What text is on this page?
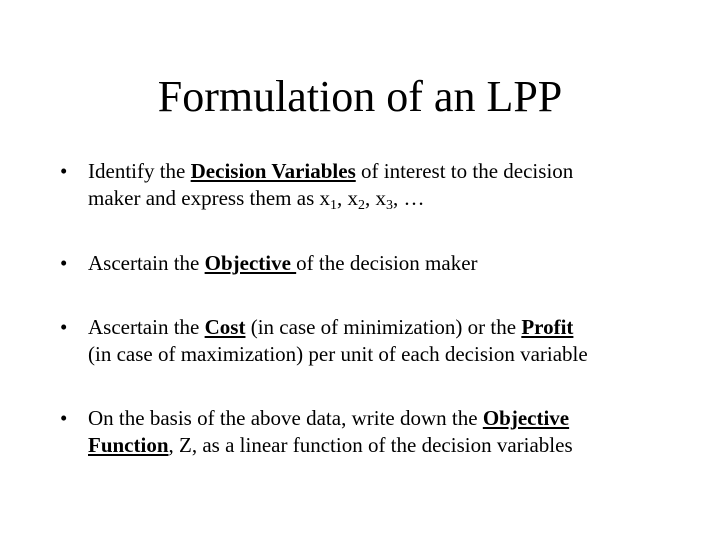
Formulation of an LPP
• Identify the Decision Variables of interest to the decision
maker and express them as $x_1$, $x_2$, $x_3$, …
• Ascertain the Objective of the decision maker
• Ascertain the Cost (in case of minimization) or the Profit
(in case of maximization) per unit of each decision variable
• On the basis of the above data, write down the Objective
Function, Z, as a linear function of the decision variables
